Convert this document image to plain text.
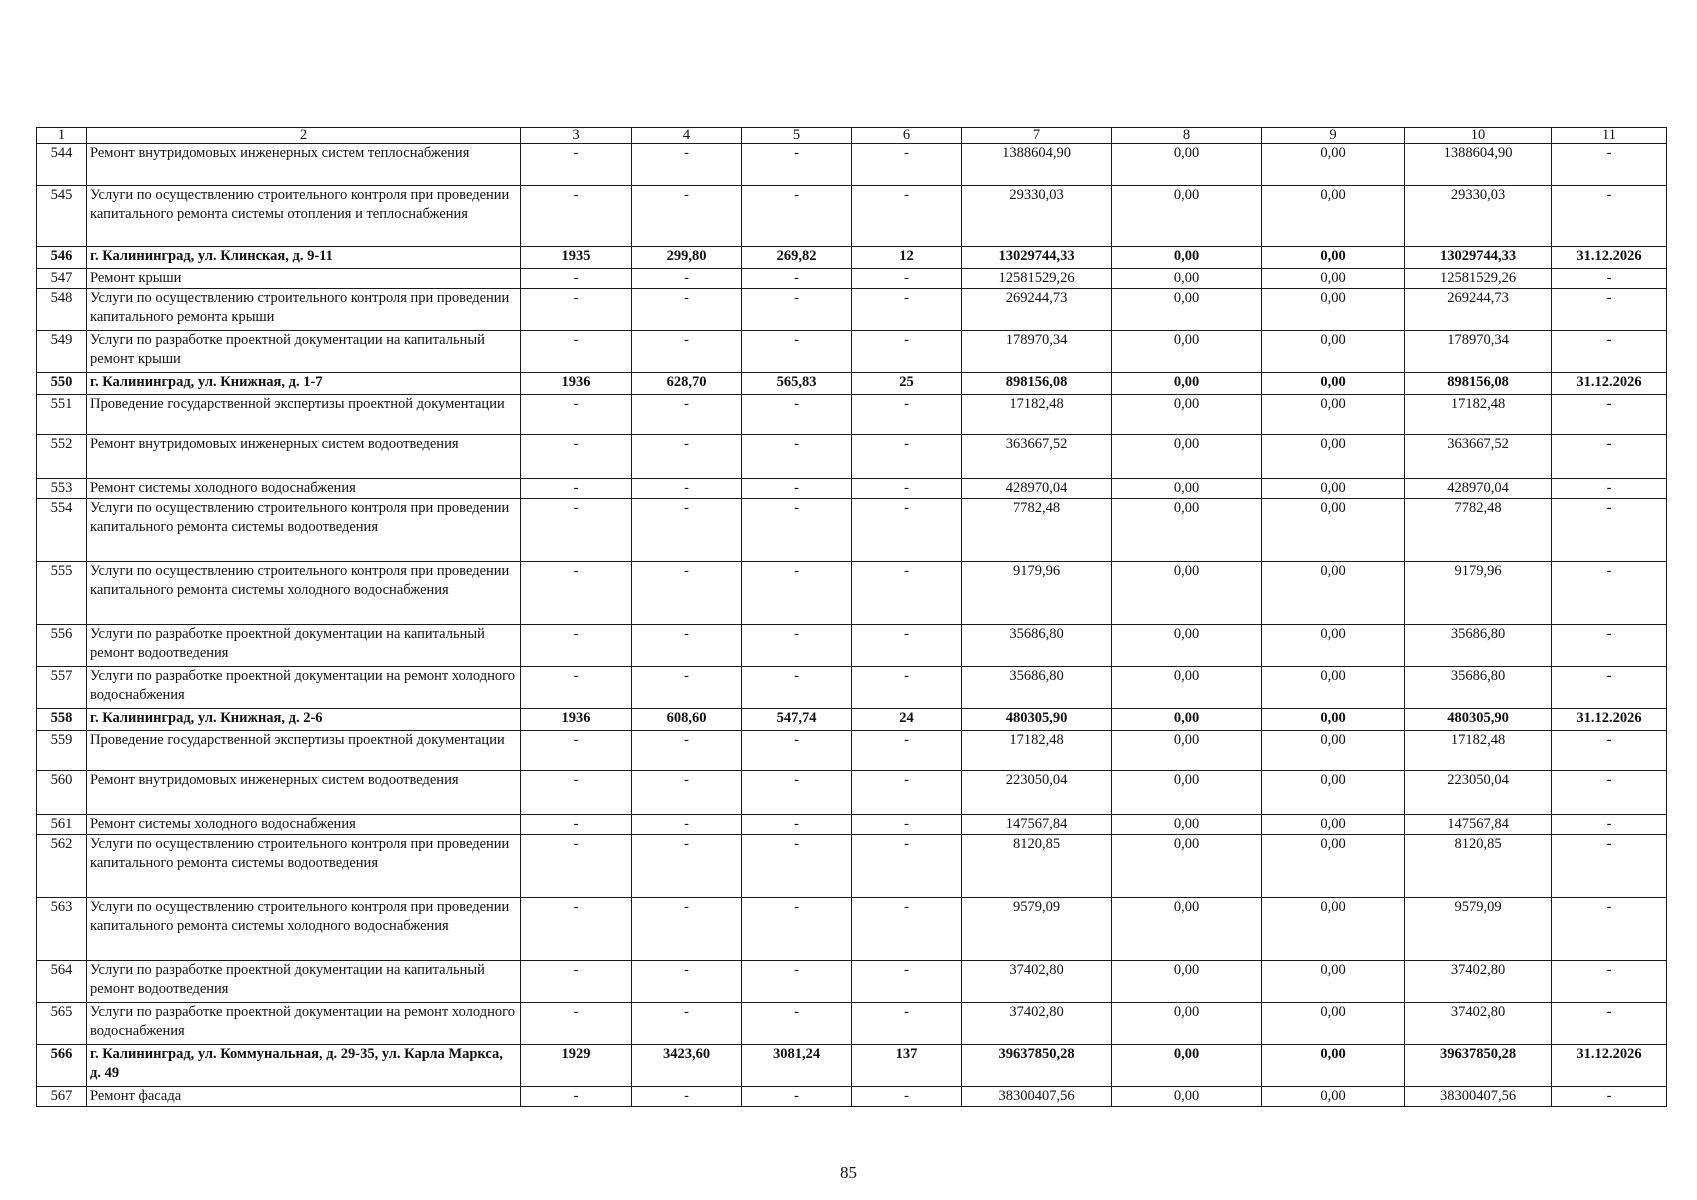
1	2	3	4	5	6	7	8	9	10	11
544	Ремонт внутридомовых инженерных систем теплоснабжения	-	-	-	-	1388604,90	0,00	0,00	1388604,90	-
545	Услуги по осуществлению строительного контроля при проведении капитального ремонта системы отопления и теплоснабжения	-	-	-	-	29330,03	0,00	0,00	29330,03	-
546	г. Калининград, ул. Клинская, д. 9-11	1935	299,80	269,82	12	13029744,33	0,00	0,00	13029744,33	31.12.2026
547	Ремонт крыши	-	-	-	-	12581529,26	0,00	0,00	12581529,26	-
548	Услуги по осуществлению строительного контроля при проведении капитального ремонта крыши	-	-	-	-	269244,73	0,00	0,00	269244,73	-
549	Услуги по разработке проектной документации на капитальный ремонт крыши	-	-	-	-	178970,34	0,00	0,00	178970,34	-
550	г. Калининград, ул. Книжная, д. 1-7	1936	628,70	565,83	25	898156,08	0,00	0,00	898156,08	31.12.2026
551	Проведение государственной экспертизы проектной документации	-	-	-	-	17182,48	0,00	0,00	17182,48	-
552	Ремонт внутридомовых инженерных систем водоотведения	-	-	-	-	363667,52	0,00	0,00	363667,52	-
553	Ремонт системы холодного водоснабжения	-	-	-	-	428970,04	0,00	0,00	428970,04	-
554	Услуги по осуществлению строительного контроля при проведении капитального ремонта системы водоотведения	-	-	-	-	7782,48	0,00	0,00	7782,48	-
555	Услуги по осуществлению строительного контроля при проведении капитального ремонта системы холодного водоснабжения	-	-	-	-	9179,96	0,00	0,00	9179,96	-
556	Услуги по разработке проектной документации на капитальный ремонт водоотведения	-	-	-	-	35686,80	0,00	0,00	35686,80	-
557	Услуги по разработке проектной документации на ремонт холодного водоснабжения	-	-	-	-	35686,80	0,00	0,00	35686,80	-
558	г. Калининград, ул. Книжная, д. 2-6	1936	608,60	547,74	24	480305,90	0,00	0,00	480305,90	31.12.2026
559	Проведение государственной экспертизы проектной документации	-	-	-	-	17182,48	0,00	0,00	17182,48	-
560	Ремонт внутридомовых инженерных систем водоотведения	-	-	-	-	223050,04	0,00	0,00	223050,04	-
561	Ремонт системы холодного водоснабжения	-	-	-	-	147567,84	0,00	0,00	147567,84	-
562	Услуги по осуществлению строительного контроля при проведении капитального ремонта системы водоотведения	-	-	-	-	8120,85	0,00	0,00	8120,85	-
563	Услуги по осуществлению строительного контроля при проведении капитального ремонта системы холодного водоснабжения	-	-	-	-	9579,09	0,00	0,00	9579,09	-
564	Услуги по разработке проектной документации на капитальный ремонт водоотведения	-	-	-	-	37402,80	0,00	0,00	37402,80	-
565	Услуги по разработке проектной документации на ремонт холодного водоснабжения	-	-	-	-	37402,80	0,00	0,00	37402,80	-
566	г. Калининград, ул. Коммунальная, д. 29-35, ул. Карла Маркса, д. 49	1929	3423,60	3081,24	137	39637850,28	0,00	0,00	39637850,28	31.12.2026
567	Ремонт фасада	-	-	-	-	38300407,56	0,00	0,00	38300407,56	-
85
